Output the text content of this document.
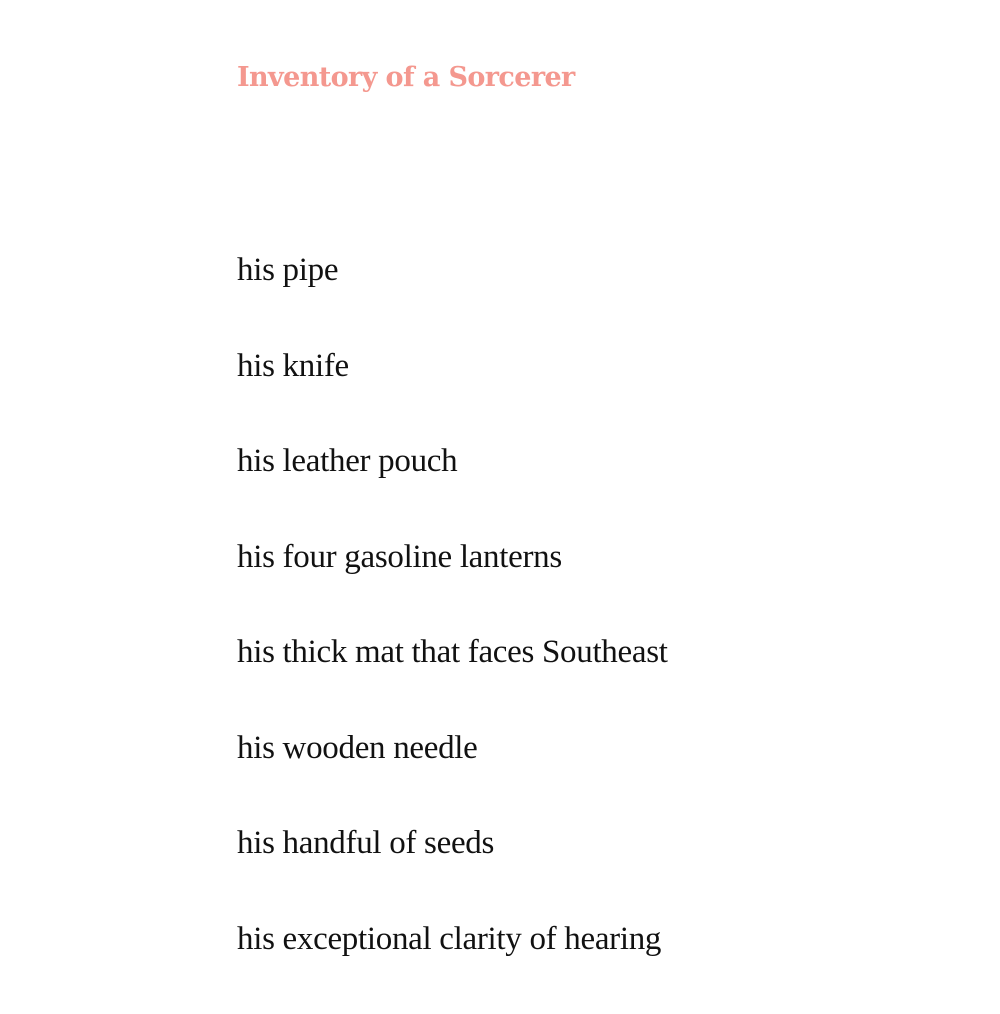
Inventory of a Sorcerer
his pipe
his knife
his leather pouch
his four gasoline lanterns
his thick mat that faces Southeast
his wooden needle
his handful of seeds
his exceptional clarity of hearing
